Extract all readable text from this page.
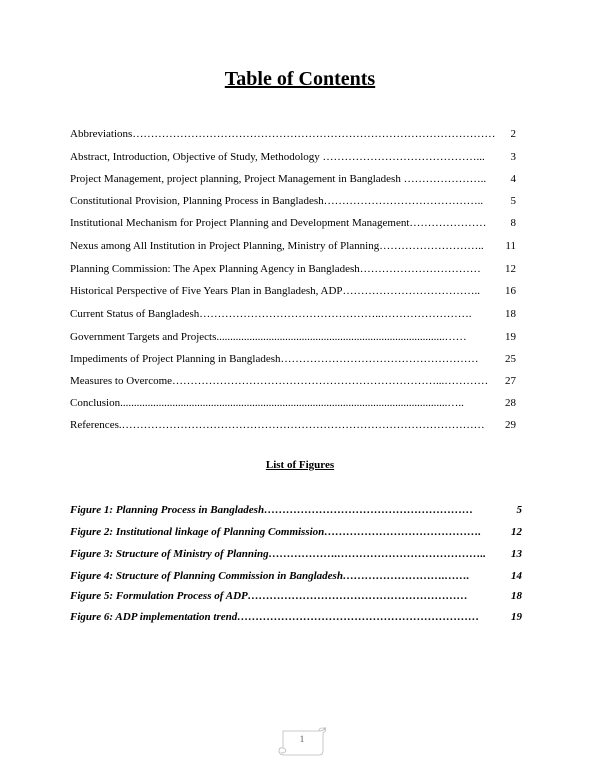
Table of Contents
Abbreviations……………………………………………………………………………………… 2
Abstract, Introduction, Objective of Study, Methodology ……………………………………... 3
Project Management, project planning, Project Management in Bangladesh ………………….. 4
Constitutional Provision, Planning Process in Bangladesh…………………………………….. 5
Institutional Mechanism for Project Planning and Development Management………………… 8
Nexus among All Institution in Project Planning, Ministry of Planning……………………….. 11
Planning Commission: The Apex Planning Agency in Bangladesh…………………………… 12
Historical Perspective of Five Years Plan in Bangladesh, ADP……………………………….. 16
Current Status of Bangladesh…………………………………………..…………………….	18
Government Targets and Projects...................................................................................……	19
Impediments of Project Planning in Bangladesh……………………………………………… 25
Measures to Overcome………………………………………………………………...………… 27
Conclusion.......................................................................................................................…..	28
References.……………………………………………………………………………………… 29
List of Figures
Figure 1: Planning Process in Bangladesh…………………………………………………	5
Figure 2: Institutional linkage of Planning Commission…………………………………….	12
Figure 3: Structure of Ministry of Planning……………….………………………………….. 13
Figure 4: Structure of Planning Commission in Bangladesh……………………….…….	14
Figure 5: Formulation Process of ADP……………………………………………………	18
Figure 6: ADP implementation trend…………………………………………………………	19
1
